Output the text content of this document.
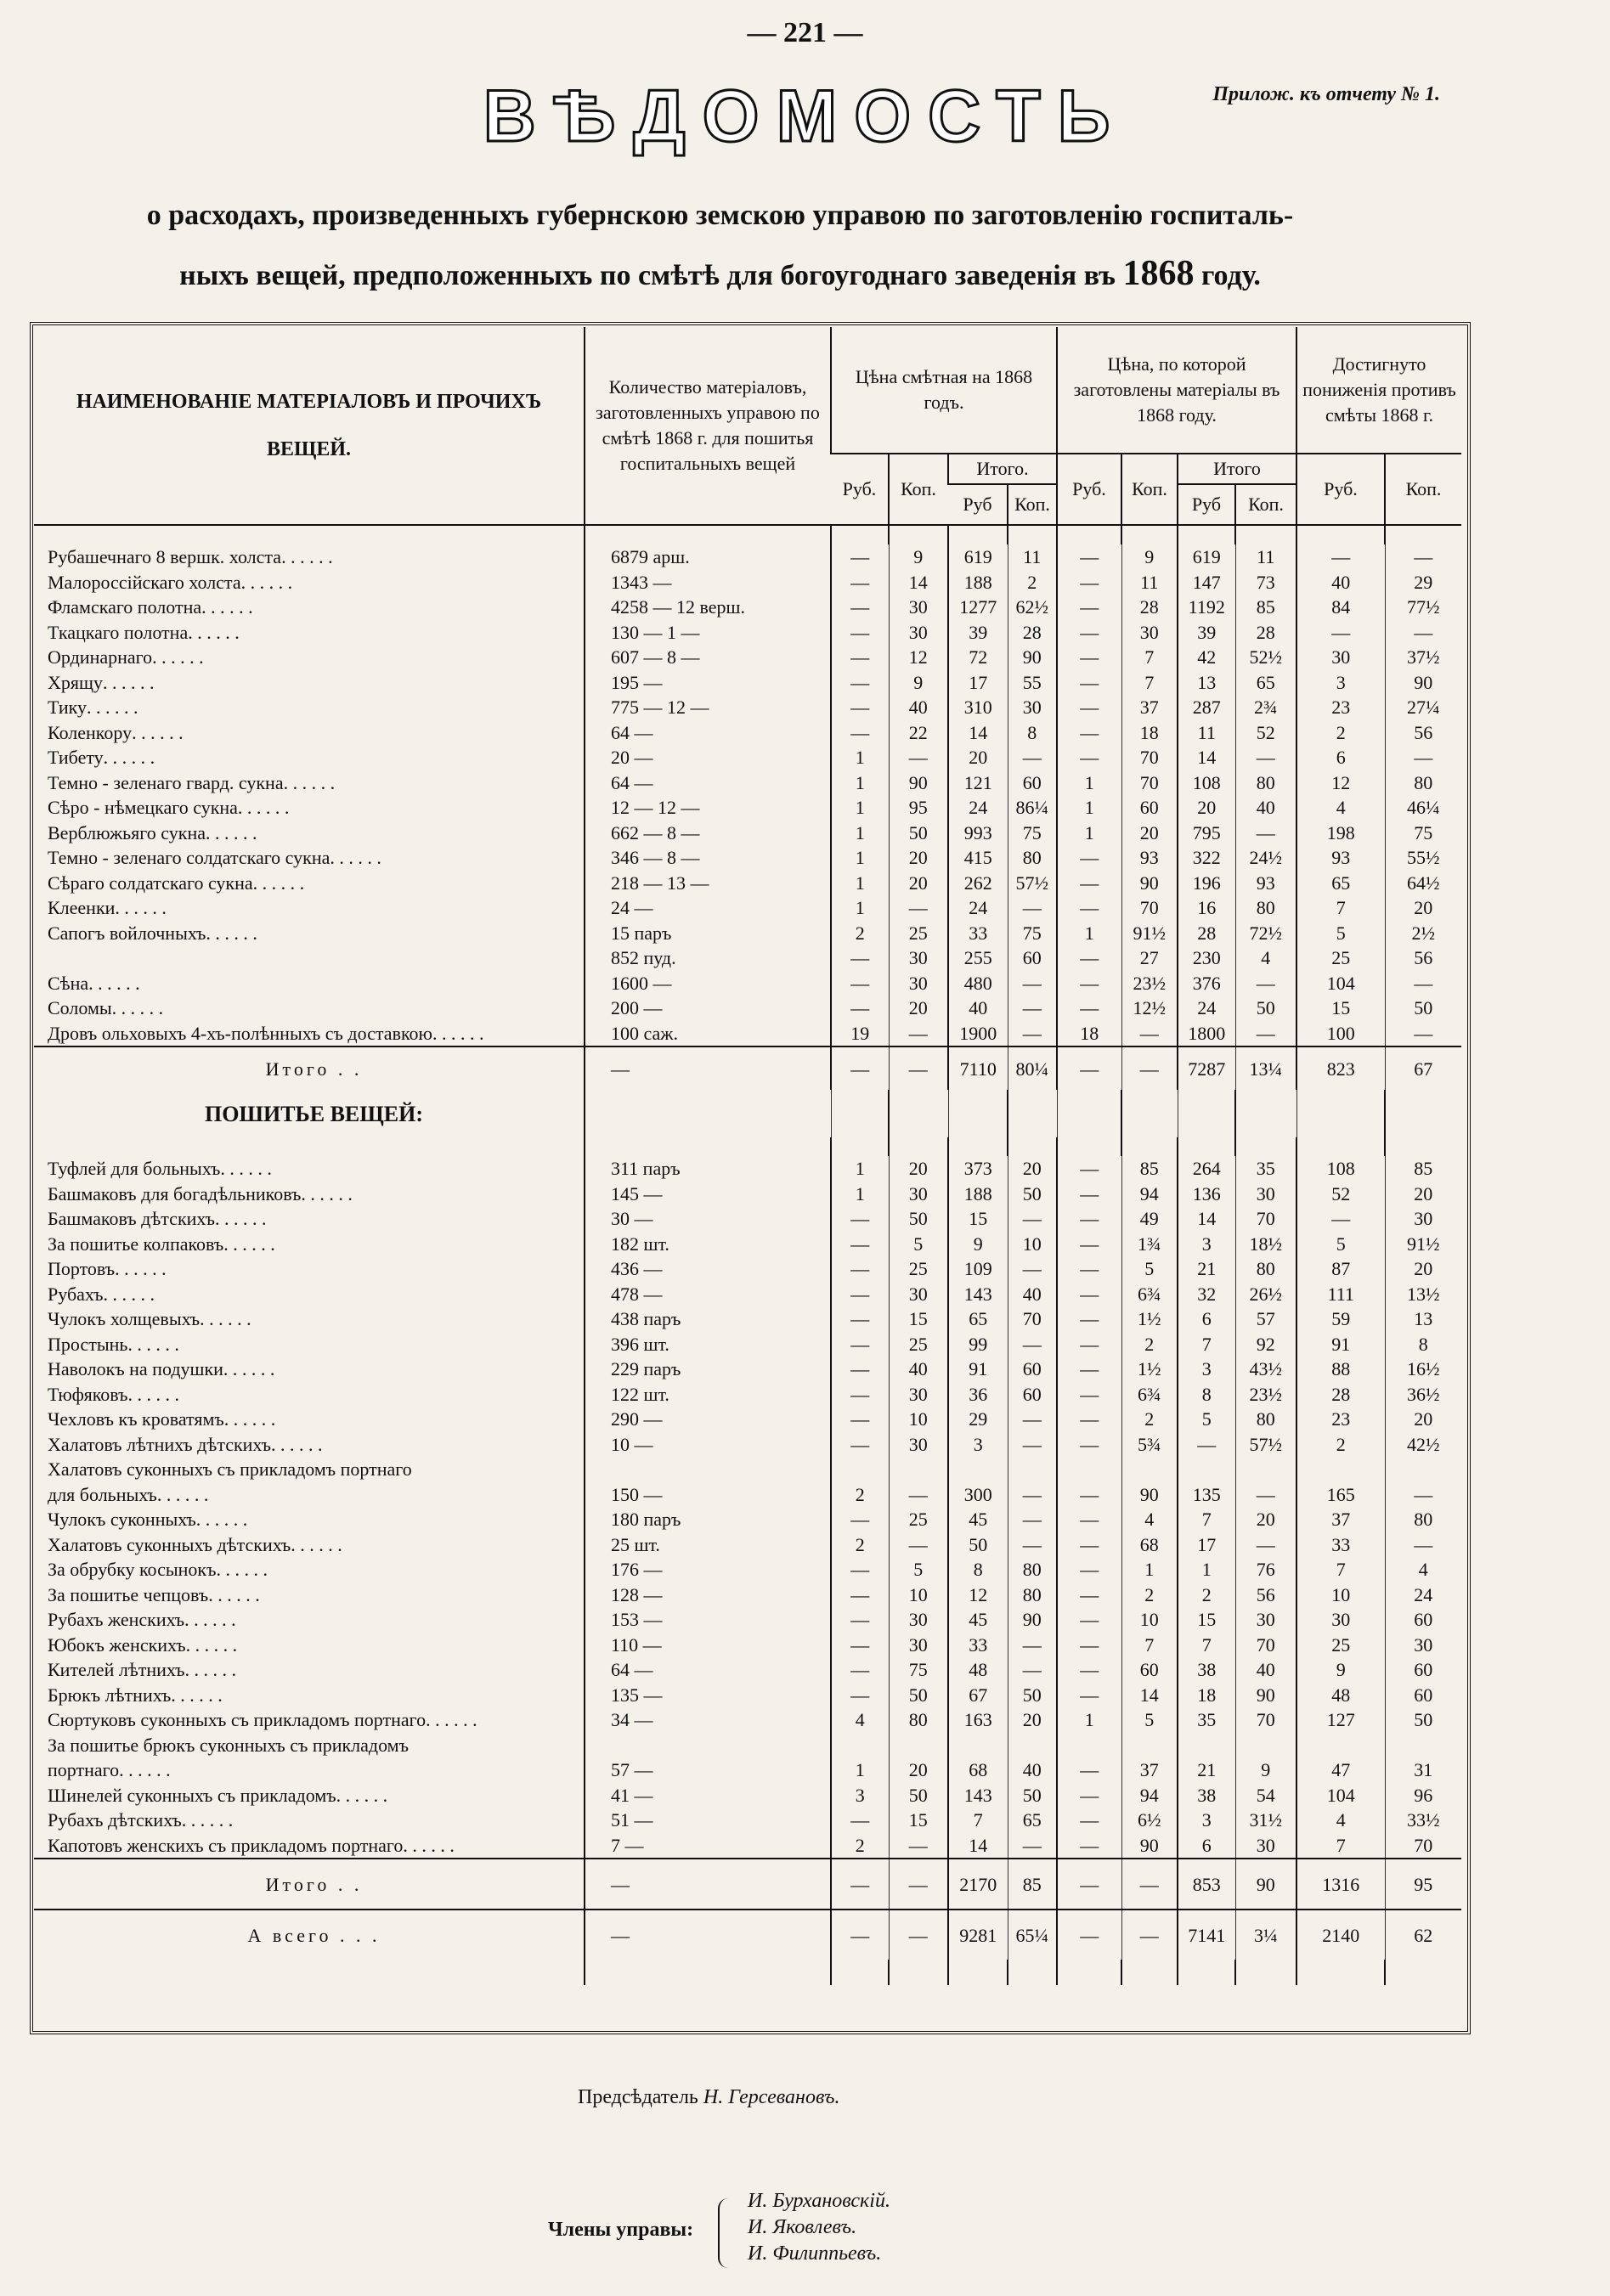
— 221 —
ВѢДОМОСТЬ	Прилож. къ отчету № 1.
о расходахъ, произведенныхъ губернскою земскою управою по заготовленію госпиталь-
ныхъ вещей, предположенныхъ по смѣтѣ для богоугоднаго заведенія въ 1868 году.
НАИМЕНОВАНІЕ МАТЕРІАЛОВЪ И ПРОЧИХЪ ВЕЩЕЙ.	Количество матеріаловъ, заготовленныхъ управою по смѣтѣ 1868 г. для пошитья госпитальныхъ вещей	Цѣна смѣтная на 1868 годъ.				Цѣна, по которой заготовлены матеріалы въ 1868 году.				Достигнуто пониженія противъ смѣты 1868 г.	
		Руб.	Коп.	Итого.		Руб.	Коп.	Итого		Руб.	Коп.
				Руб	Коп.			Руб	Коп.		

Рубашечнаго 8 вершк. холста. . . . . .	6879 арш.	—	9	619	11	—	9	619	11	—	—
Малороссійскаго холста. . . . . .	1343 —	—	14	188	2	—	11	147	73	40	29
Фламскаго полотна. . . . . .	4258 — 12 верш.	—	30	1277	62½	—	28	1192	85	84	77½
Ткацкаго полотна. . . . . .	130 — 1 —	—	30	39	28	—	30	39	28	—	—
Ординарнаго. . . . . .	607 — 8 —	—	12	72	90	—	7	42	52½	30	37½
Хрящу. . . . . .	195 —	—	9	17	55	—	7	13	65	3	90
Тику. . . . . .	775 — 12 —	—	40	310	30	—	37	287	2¾	23	27¼
Коленкору. . . . . .	64 —	—	22	14	8	—	18	11	52	2	56
Тибету. . . . . .	20 —	1	—	20	—	—	70	14	—	6	—
Темно - зеленаго гвард. сукна. . . . . .	64 —	1	90	121	60	1	70	108	80	12	80
Сѣро - нѣмецкаго сукна. . . . . .	12 — 12 —	1	95	24	86¼	1	60	20	40	4	46¼
Верблюжьяго сукна. . . . . .	662 — 8 —	1	50	993	75	1	20	795	—	198	75
Темно - зеленаго солдатскаго сукна. . . . . .	346 — 8 —	1	20	415	80	—	93	322	24½	93	55½
Сѣраго солдатскаго сукна. . . . . .	218 — 13 —	1	20	262	57½	—	90	196	93	65	64½
Клеенки. . . . . .	24 —	1	—	24	—	—	70	16	80	7	20
Сапогъ войлочныхъ. . . . . .	15 паръ	2	25	33	75	1	91½	28	72½	5	2½
	852 пуд.	—	30	255	60	—	27	230	4	25	56
Сѣна. . . . . .	1600 —	—	30	480	—	—	23½	376	—	104	—
Соломы. . . . . .	200 —	—	20	40	—	—	12½	24	50	15	50
Дровъ ольховыхъ 4-хъ-полѣнныхъ съ доставкою. . . . . .	100 саж.	19	—	1900	—	18	—	1800	—	100	—
Итого . .	—	—	—	7110	80¼	—	—	7287	13¼	823	67
ПОШИТЬЕ ВЕЩЕЙ:											

Туфлей для больныхъ. . . . . .	311 паръ	1	20	373	20	—	85	264	35	108	85
Башмаковъ для богадѣльниковъ. . . . . .	145 —	1	30	188	50	—	94	136	30	52	20
Башмаковъ дѣтскихъ. . . . . .	30 —	—	50	15	—	—	49	14	70	—	30
За пошитье колпаковъ. . . . . .	182 шт.	—	5	9	10	—	1¾	3	18½	5	91½
Портовъ. . . . . .	436 —	—	25	109	—	—	5	21	80	87	20
Рубахъ. . . . . .	478 —	—	30	143	40	—	6¾	32	26½	111	13½
Чулокъ холщевыхъ. . . . . .	438 паръ	—	15	65	70	—	1½	6	57	59	13
Простынь. . . . . .	396 шт.	—	25	99	—	—	2	7	92	91	8
Наволокъ на подушки. . . . . .	229 паръ	—	40	91	60	—	1½	3	43½	88	16½
Тюфяковъ. . . . . .	122 шт.	—	30	36	60	—	6¾	8	23½	28	36½
Чехловъ къ кроватямъ. . . . . .	290 —	—	10	29	—	—	2	5	80	23	20
Халатовъ лѣтнихъ дѣтскихъ. . . . . .	10 —	—	30	3	—	—	5¾	—	57½	2	42½
Халатовъ суконныхъ съ прикладомъ портнаго											
для больныхъ. . . . . .	150 —	2	—	300	—	—	90	135	—	165	—
Чулокъ суконныхъ. . . . . .	180 паръ	—	25	45	—	—	4	7	20	37	80
Халатовъ суконныхъ дѣтскихъ. . . . . .	25 шт.	2	—	50	—	—	68	17	—	33	—
За обрубку косынокъ. . . . . .	176 —	—	5	8	80	—	1	1	76	7	4
За пошитье чепцовъ. . . . . .	128 —	—	10	12	80	—	2	2	56	10	24
Рубахъ женскихъ. . . . . .	153 —	—	30	45	90	—	10	15	30	30	60
Юбокъ женскихъ. . . . . .	110 —	—	30	33	—	—	7	7	70	25	30
Кителей лѣтнихъ. . . . . .	64 —	—	75	48	—	—	60	38	40	9	60
Брюкъ лѣтнихъ. . . . . .	135 —	—	50	67	50	—	14	18	90	48	60
Сюртуковъ суконныхъ съ прикладомъ портнаго. . . . . .	34 —	4	80	163	20	1	5	35	70	127	50
За пошитье брюкъ суконныхъ съ прикладомъ											
портнаго. . . . . .	57 —	1	20	68	40	—	37	21	9	47	31
Шинелей суконныхъ съ прикладомъ. . . . . .	41 —	3	50	143	50	—	94	38	54	104	96
Рубахъ дѣтскихъ. . . . . .	51 —	—	15	7	65	—	6½	3	31½	4	33½
Капотовъ женскихъ съ прикладомъ портнаго. . . . . .	7 —	2	—	14	—	—	90	6	30	7	70
Итого . .	—	—	—	2170	85	—	—	853	90	1316	95
А всего . . .	—	—	—	9281	65¼	—	—	7141	3¼	2140	62

Предсѣдатель Н. Герсевановъ.
Члены управы:
И. Бурхановскій.
И. Яковлевъ.
И. Филиппьевъ.
